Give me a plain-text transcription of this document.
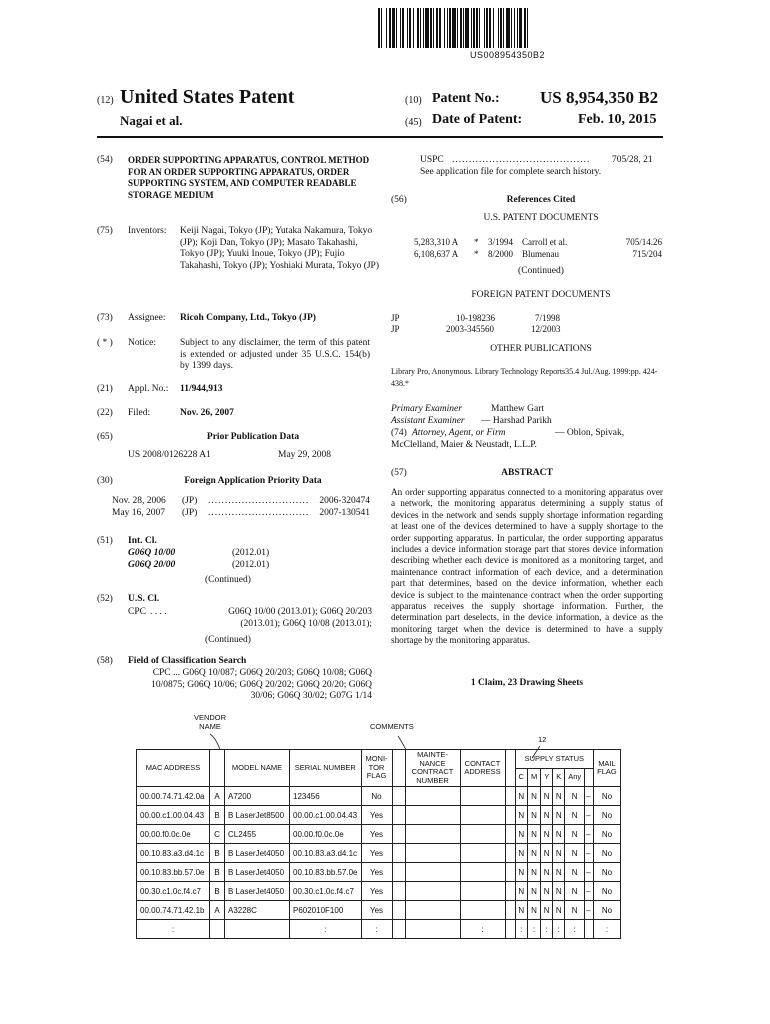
US008954350B2
(12) United States Patent
Nagai et al.
(10) Patent No.: US 8,954,350 B2
(45) Date of Patent:	Feb. 10, 2015
(54) ORDER SUPPORTING APPARATUS, CONTROL METHOD FOR AN ORDER SUPPORTING APPARATUS, ORDER SUPPORTING SYSTEM, AND COMPUTER READABLE STORAGE MEDIUM
(75) Inventors: Keiji Nagai, Tokyo (JP); Yutaka Nakamura, Tokyo (JP); Koji Dan, Tokyo (JP); Masato Takahashi, Tokyo (JP); Yuuki Inoue, Tokyo (JP); Fujio Takahashi, Tokyo (JP); Yoshiaki Murata, Tokyo (JP)
(73) Assignee: Ricoh Company, Ltd., Tokyo (JP)
( * ) Notice:	Subject to any disclaimer, the term of this patent is extended or adjusted under 35 U.S.C. 154(b) by 1399 days.
(21) Appl. No.: 11/944,913
(22) Filed:	Nov. 26, 2007
(65)	Prior Publication Data
US 2008/0126228 A1	May 29, 2008
(30)	Foreign Application Priority Data
Nov. 28, 2006	(JP)	..............................	2006-320474
May 16, 2007	(JP)	..............................	2007-130541
(51) Int. Cl.
G06Q 10/00	(2012.01)
G06Q 20/00	(2012.01)
(Continued)
(52) U.S. Cl.
CPC . . . .	G06Q 10/00 (2013.01); G06Q 20/203 (2013.01); G06Q 10/08 (2013.01);
(Continued)
(58) Field of Classification Search
CPC ... G06Q 10/087; G06Q 20/203; G06Q 10/08; G06Q 10/0875; G06Q 10/06; G06Q 20/202; G06Q 20/20; G06Q 30/06; G06Q 30/02; G07G 1/14
USPC .........................................	705/28, 21
See application file for complete search history.
(56)	References Cited
U.S. PATENT DOCUMENTS
5,283,310 A * 3/1994 Carroll et al.	705/14.26
6,108,637 A * 8/2000 Blumenau	715/204
(Continued)
FOREIGN PATENT DOCUMENTS
JP	10-198236	7/1998
JP	2003-345560	12/2003
OTHER PUBLICATIONS
Library Pro, Anonymous. Library Technology Reports35.4 Jul./Aug. 1999:pp. 424-438.*
Primary Examiner	Matthew Gart
Assistant Examiner — Harshad Parikh
(74) Attorney, Agent, or Firm	— Oblon, Spivak, McClelland, Maier & Neustadt, L.L.P.
(57)	ABSTRACT
An order supporting apparatus connected to a monitoring apparatus over a network, the monitoring apparatus determining a supply status of devices in the network and sends supply shortage information regarding at least one of the devices determined to have a supply shortage to the order supporting apparatus. In particular, the order supporting apparatus includes a device information storage part that stores device information describing whether each device is monitored as a monitoring target, and maintenance contract information of each device, and a determination part that determines, based on the device information, whether each device is subject to the maintenance contract when the order supporting apparatus receives the supply shortage information. Further, the determination part deselects, in the device information, a device as the monitoring target when the device is determined to have a supply shortage by the monitoring apparatus.
1 Claim, 23 Drawing Sheets
VENDOR NAME	COMMENTS
12
MAC ADDRESS		MODEL NAME	SERIAL NUMBER	MONI- TOR FLAG		MAINTE- NANCE CONTRACT NUMBER	CONTACT ADDRESS		SUPPLY STATUS						MAIL FLAG
									C	M	Y	K	Any		
00.00.74.71.42.0a	A	A7200	123456	No					N	N	N	N	N	–	No
00.00.c1.00.04.43	B	B LaserJet8500	00.00.c1.00.04.43	Yes					N	N	N	N	N	–	No
00.00.f0.0c.0e	C	CL2455	00.00.f0.0c.0e	Yes					N	N	N	N	N	–	No
00.10.83.a3.d4.1c	B	B LaserJet4050	00.10.83.a3.d4.1c	Yes					N	N	N	N	N	–	No
00.10.83.bb.57.0e	B	B LaserJet4050	00.10.83.bb.57.0e	Yes					N	N	N	N	N	–	No
00.30.c1.0c.f4.c7	B	B LaserJet4050	00.30.c1.0c.f4.c7	Yes					N	N	N	N	N	–	No
00.00.74.71.42.1b	A	A3228C	P602010F100	Yes					N	N	N	N	N	–	No
:			:	:			:		:	:	:	:	:		:
